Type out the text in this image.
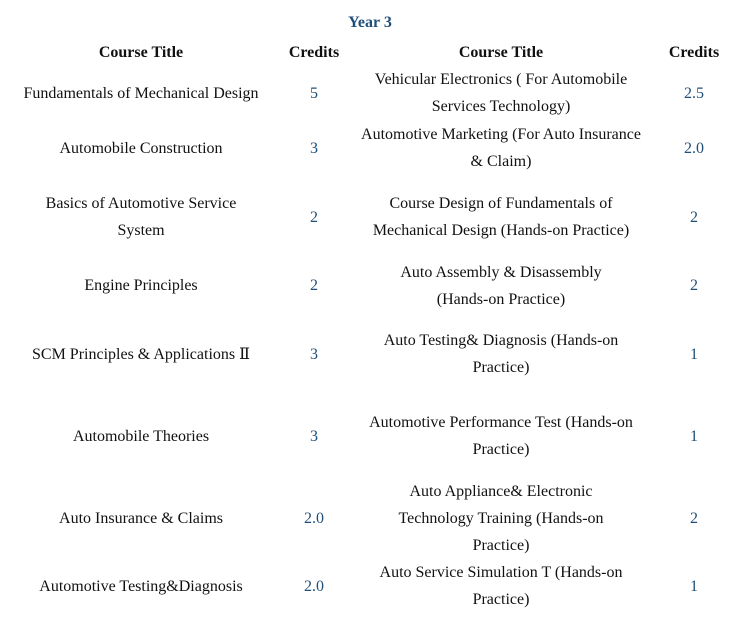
Year 3
Course Title	Credits	Course Title	Credits
Fundamentals of Mechanical Design	5	Vehicular Electronics ( For Automobile Services Technology)	2.5
Automobile Construction	3	Automotive Marketing (For Auto Insurance & Claim)	2.0
Basics of Automotive Service System	2	Course Design of Fundamentals of Mechanical Design (Hands-on Practice)	2
Engine Principles	2	Auto Assembly & Disassembly (Hands-on Practice)	2
SCM Principles & Applications Ⅱ	3	Auto Testing& Diagnosis (Hands-on Practice)	1
Automobile Theories	3	Automotive Performance Test (Hands-on Practice)	1
Auto Insurance & Claims	2.0	Auto Appliance& Electronic Technology Training (Hands-on Practice)	2
Automotive Testing&Diagnosis	2.0	Auto Service Simulation T (Hands-on Practice)	1
